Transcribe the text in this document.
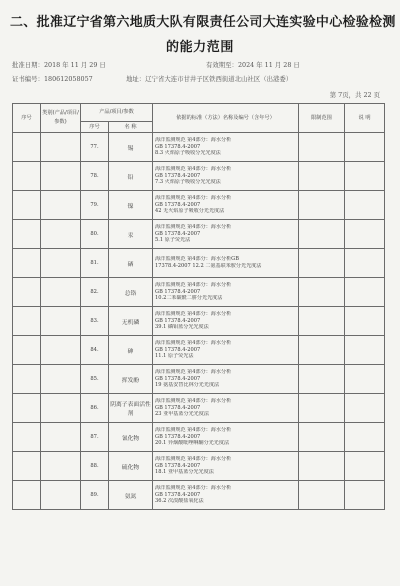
二、批准辽宁省第六地质大队有限责任公司大连实验中心检验检测
的能力范围
批准日期：2018 年 11 月 29 日	有效期至：2024 年 11 月 28 日
证书编号：180612058057	地址：辽宁省大连市甘井子区铁西街道北山社区（出港委）
第 7页，共 22 页
序号	类别(产品/项目/参数)	产品/项目/参数		依据的标准（方法）名称及编号（含年号）	限制范围	说 明
		序号	名 称			
		77.	锡	海洋监测规范 第4部分：海水分析
GB 17378.4-2007
8.3 火焰原子吸收分光光度法		

		78.	铅	海洋监测规范 第4部分：海水分析
GB 17378.4-2007
7.3 火焰原子吸收分光光度法		

		79.	镍	海洋监测规范 第4部分：海水分析
GB 17378.4-2007
42 无火焰原子吸收分光光度法		

		80.	汞	海洋监测规范 第4部分：海水分析
GB 17378.4-2007
5.1 原子荧光法		

		81.	硒	海洋监测规范 第4部分：海水分析GB
17378.4-2007 12.2 二氨基联苯胺分光光度法		

		82.	总铬	海洋监测规范 第4部分：海水分析
GB 17378.4-2007
10.2二苯碳酰二肼分光光度法		

		83.	无机磷	海洋监测规范 第4部分：海水分析
GB 17378.4-2007
39.1 磷钼蓝分光光度法		

		84.	砷	海洋监测规范 第4部分：海水分析
GB 17378.4-2007
11.1 原子荧光法		

		85.	挥发酚	海洋监测规范 第4部分：海水分析
GB 17378.4-2007
19 氨基安替比林分光光度法		

		86.	阴离子表面活性剂	海洋监测规范 第4部分：海水分析
GB 17378.4-2007
23 亚甲基蓝分光光度法		

		87.	氰化物	海洋监测规范 第4部分：海水分析
GB 17378.4-2007
20.1 异烟酸吡唑啉酮分光光度法		

		88.	硫化物	海洋监测规范 第4部分：海水分析
GB 17378.4-2007
18.1 亚甲基蓝分光光度法		

		89.	氨氮	海洋监测规范 第4部分：海水分析
GB 17378.4-2007
36.2 次溴酸盐氧化法		
